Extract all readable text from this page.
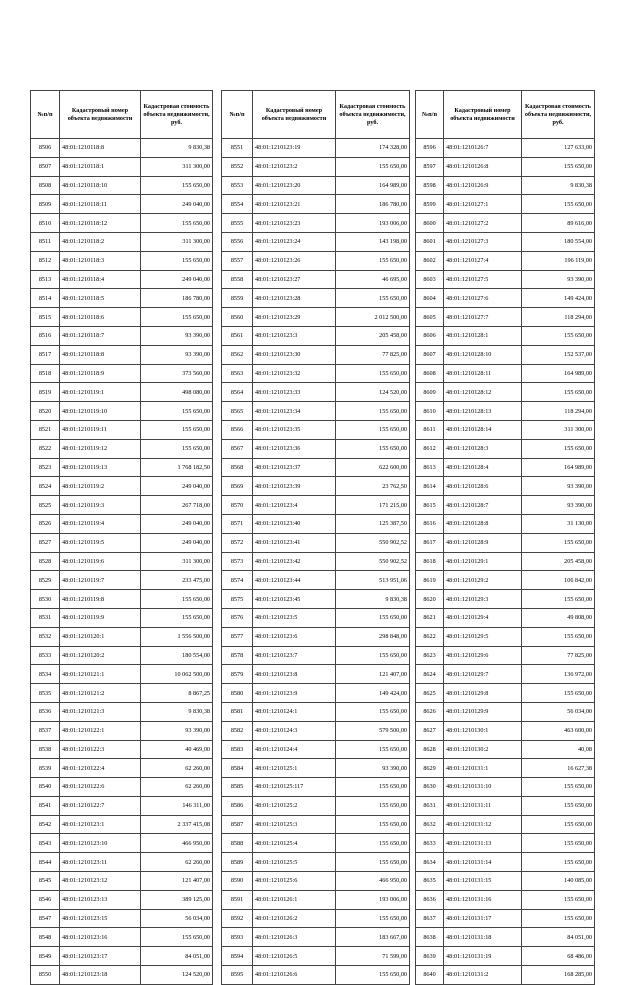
№п/п	Кадастровый номер объекта недвижимости	Кадастровая стоимость объекта недвижимости, руб.
8506	48:01:1210118:8	9 830,38
8507	48:01:1210118:1	311 300,00
8508	48:01:1210118:10	155 650,00
8509	48:01:1210118:11	249 040,00
8510	48:01:1210118:12	155 650,00
8511	48:01:1210118:2	311 300,00
8512	48:01:1210118:3	155 650,00
8513	48:01:1210118:4	249 040,00
8514	48:01:1210118:5	186 780,00
8515	48:01:1210118:6	155 650,00
8516	48:01:1210118:7	93 390,00
8517	48:01:1210118:8	93 390,00
8518	48:01:1210118:9	373 560,00
8519	48:01:1210119:1	498 080,00
8520	48:01:1210119:10	155 650,00
8521	48:01:1210119:11	155 650,00
8522	48:01:1210119:12	155 650,00
8523	48:01:1210119:13	1 768 182,50
8524	48:01:1210119:2	249 040,00
8525	48:01:1210119:3	267 718,00
8526	48:01:1210119:4	249 040,00
8527	48:01:1210119:5	249 040,00
8528	48:01:1210119:6	311 300,00
8529	48:01:1210119:7	233 475,00
8530	48:01:1210119:8	155 650,00
8531	48:01:1210119:9	155 650,00
8532	48:01:1210120:1	1 556 500,00
8533	48:01:1210120:2	180 554,00
8534	48:01:1210121:1	10 062 500,00
8535	48:01:1210121:2	8 867,25
8536	48:01:1210121:3	9 830,38
8537	48:01:1210122:1	93 390,00
8538	48:01:1210122:3	40 469,00
8539	48:01:1210122:4	62 260,00
8540	48:01:1210122:6	62 260,00
8541	48:01:1210122:7	146 311,00
8542	48:01:1210123:1	2 337 415,08
8543	48:01:1210123:10	466 950,00
8544	48:01:1210123:11	62 260,00
8545	48:01:1210123:12	121 407,00
8546	48:01:1210123:13	389 125,00
8547	48:01:1210123:15	56 034,00
8548	48:01:1210123:16	155 650,00
8549	48:01:1210123:17	84 051,00
8550	48:01:1210123:18	124 520,00
№п/п	Кадастровый номер объекта недвижимости	Кадастровая стоимость объекта недвижимости, руб.
8551	48:01:1210123:19	174 328,00
8552	48:01:1210123:2	155 650,00
8553	48:01:1210123:20	164 989,00
8554	48:01:1210123:21	186 780,00
8555	48:01:1210123:23	193 006,00
8556	48:01:1210123:24	143 198,00
8557	48:01:1210123:26	155 650,00
8558	48:01:1210123:27	46 695,00
8559	48:01:1210123:28	155 650,00
8560	48:01:1210123:29	2 012 500,00
8561	48:01:1210123:3	205 458,00
8562	48:01:1210123:30	77 825,00
8563	48:01:1210123:32	155 650,00
8564	48:01:1210123:33	124 520,00
8565	48:01:1210123:34	155 650,00
8566	48:01:1210123:35	155 650,00
8567	48:01:1210123:36	155 650,00
8568	48:01:1210123:37	622 600,00
8569	48:01:1210123:39	23 762,50
8570	48:01:1210123:4	171 215,00
8571	48:01:1210123:40	125 387,50
8572	48:01:1210123:41	550 902,52
8573	48:01:1210123:42	550 902,52
8574	48:01:1210123:44	513 951,06
8575	48:01:1210123:45	9 830,38
8576	48:01:1210123:5	155 650,00
8577	48:01:1210123:6	298 848,00
8578	48:01:1210123:7	155 650,00
8579	48:01:1210123:8	121 407,00
8580	48:01:1210123:9	149 424,00
8581	48:01:1210124:1	155 650,00
8582	48:01:1210124:3	579 500,00
8583	48:01:1210124:4	155 650,00
8584	48:01:1210125:1	93 390,00
8585	48:01:1210125:117	155 650,00
8586	48:01:1210125:2	155 650,00
8587	48:01:1210125:3	155 650,00
8588	48:01:1210125:4	155 650,00
8589	48:01:1210125:5	155 650,00
8590	48:01:1210125:6	466 950,00
8591	48:01:1210126:1	193 006,00
8592	48:01:1210126:2	155 650,00
8593	48:01:1210126:3	183 667,00
8594	48:01:1210126:5	71 599,00
8595	48:01:1210126:6	155 650,00
№п/п	Кадастровый номер объекта недвижимости	Кадастровая стоимость объекта недвижимости, руб.
8596	48:01:1210126:7	127 633,00
8597	48:01:1210126:8	155 650,00
8598	48:01:1210126:9	9 830,38
8599	48:01:1210127:1	155 650,00
8600	48:01:1210127:2	89 616,00
8601	48:01:1210127:3	180 554,00
8602	48:01:1210127:4	196 119,00
8603	48:01:1210127:5	93 390,00
8604	48:01:1210127:6	149 424,00
8605	48:01:1210127:7	118 294,00
8606	48:01:1210128:1	155 650,00
8607	48:01:1210128:10	152 537,00
8608	48:01:1210128:11	164 989,00
8609	48:01:1210128:12	155 650,00
8610	48:01:1210128:13	118 294,00
8611	48:01:1210128:14	311 300,00
8612	48:01:1210128:3	155 650,00
8613	48:01:1210128:4	164 989,00
8614	48:01:1210128:6	93 390,00
8615	48:01:1210128:7	93 390,00
8616	48:01:1210128:8	31 130,00
8617	48:01:1210128:9	155 650,00
8618	48:01:1210129:1	205 458,00
8619	48:01:1210129:2	106 842,00
8620	48:01:1210129:3	155 650,00
8621	48:01:1210129:4	49 808,00
8622	48:01:1210129:5	155 650,00
8623	48:01:1210129:6	77 825,00
8624	48:01:1210129:7	136 972,00
8625	48:01:1210129:8	155 650,00
8626	48:01:1210129:9	56 034,00
8627	48:01:1210130:1	463 600,00
8628	48:01:1210130:2	40,08
8629	48:01:1210131:1	16 627,38
8630	48:01:1210131:10	155 650,00
8631	48:01:1210131:11	155 650,00
8632	48:01:1210131:12	155 650,00
8633	48:01:1210131:13	155 650,00
8634	48:01:1210131:14	155 650,00
8635	48:01:1210131:15	140 085,00
8636	48:01:1210131:16	155 650,00
8637	48:01:1210131:17	155 650,00
8638	48:01:1210131:18	84 051,00
8639	48:01:1210131:19	68 486,00
8640	48:01:1210131:2	168 285,00
